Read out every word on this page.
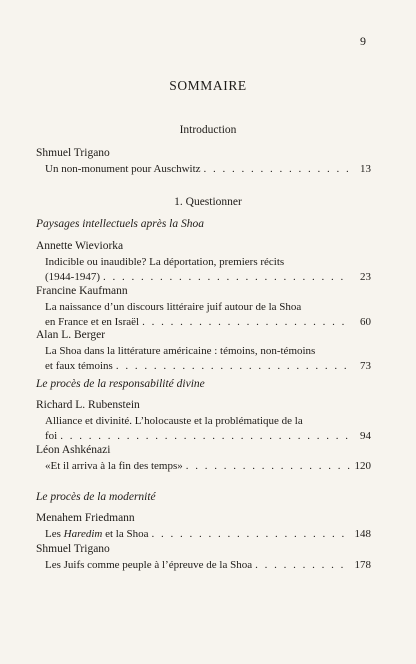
9
SOMMAIRE
Introduction
Shmuel Trigano
Un non-monument pour Auschwitz . . .	13
1. Questionner
Paysages intellectuels après la Shoa
Annette Wieviorka
Indicible ou inaudible? La déportation, premiers récits
(1944-1947) . . .	23
Francine Kaufmann
La naissance d’un discours littéraire juif autour de la Shoa
en France et en Israël . . .	60
Alan L. Berger
La Shoa dans la littérature américaine : témoins, non-témoins
et faux témoins . . .	73
Le procès de la responsabilité divine
Richard L. Rubenstein
Alliance et divinité. L’holocauste et la problématique de la
foi . . .	94
Léon Ashkénazi
«Et il arriva à la fin des temps» . . .	120
Le procès de la modernité
Menahem Friedmann
Les Haredim et la Shoa . . .	148
Shmuel Trigano
Les Juifs comme peuple à l’épreuve de la Shoa . . .	178
